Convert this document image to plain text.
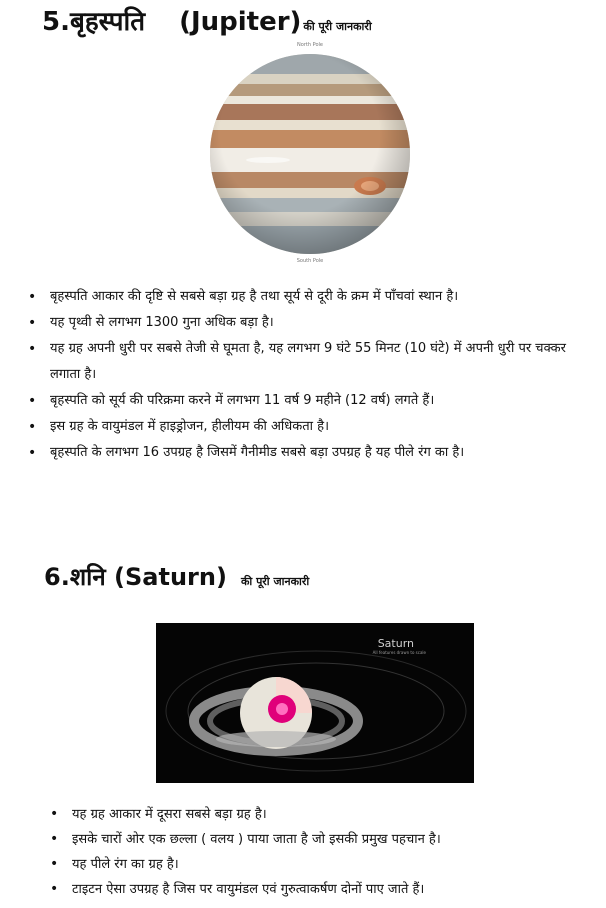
5.बृहस्पति (Jupiter) की पूरी जानकारी
North Pole
South Pole
• बृहस्पति आकार की दृष्टि से सबसे बड़ा ग्रह है तथा सूर्य से दूरी के क्रम में पाँचवां स्थान है।
• यह पृथ्वी से लगभग 1300 गुना अधिक बड़ा है।
• यह ग्रह अपनी धुरी पर सबसे तेजी से घूमता है, यह लगभग 9 घंटे 55 मिनट (10 घंटे) में अपनी धुरी पर चक्कर लगाता है।
• बृहस्पति को सूर्य की परिक्रमा करने में लगभग 11 वर्ष 9 महीने (12 वर्ष) लगते हैं।
• इस ग्रह के वायुमंडल में हाइड्रोजन, हीलीयम की अधिकता है।
• बृहस्पति के लगभग 16 उपग्रह है जिसमें गैनीमीड सबसे बड़ा उपग्रह है यह पीले रंग का है।
6.शनि (Saturn) की पूरी जानकारी
Saturn
All features drawn to scale
• यह ग्रह आकार में दूसरा सबसे बड़ा ग्रह है।
• इसके चारों ओर एक छल्ला ( वलय ) पाया जाता है जो इसकी प्रमुख पहचान है।
• यह पीले रंग का ग्रह है।
• टाइटन ऐसा उपग्रह है जिस पर वायुमंडल एवं गुरुत्वाकर्षण दोनों पाए जाते हैं।
